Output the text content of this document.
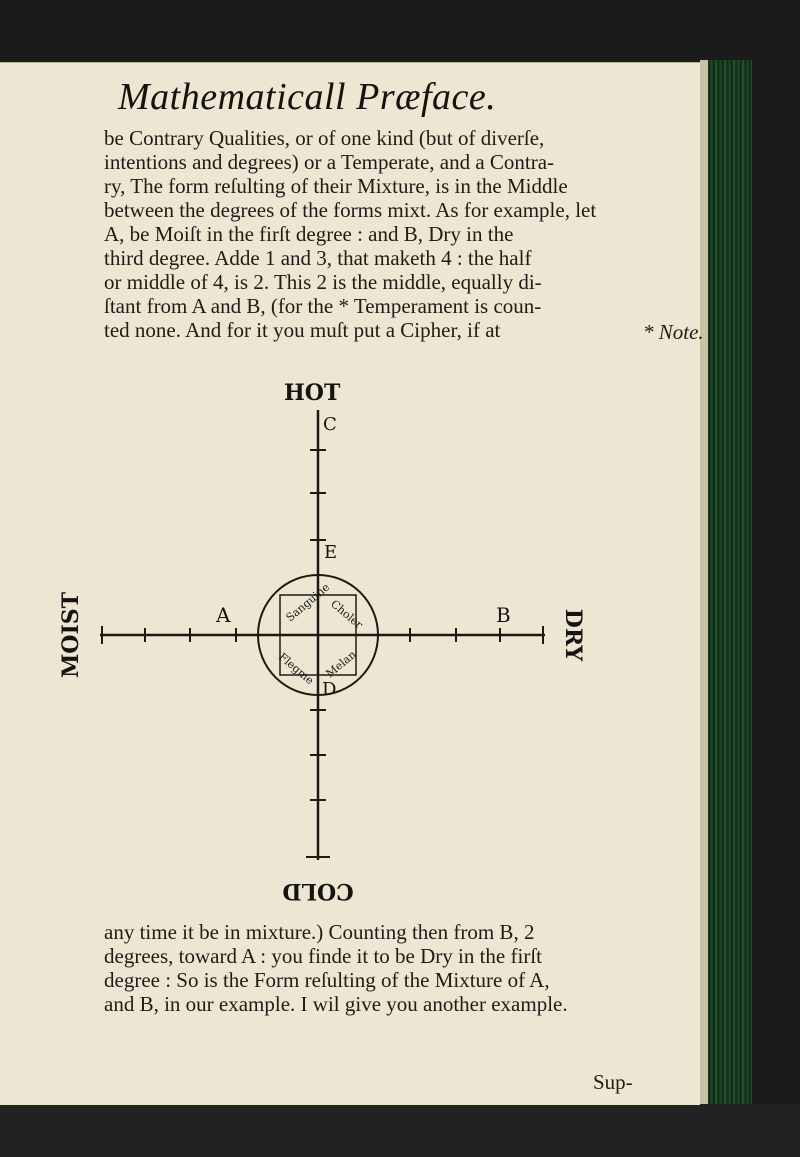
Mathematicall Præface.
be Contrary Qualities, or of one kind (but of diverſe,
intentions and degrees) or a Temperate, and a Contra-
ry, The form reſulting of their Mixture, is in the Middle
between the degrees of the forms mixt. As for example, let
A, be Moiſt in the firſt degree : and B, Dry in the
third degree. Adde 1 and 3, that maketh 4 : the half
or middle of 4, is 2. This 2 is the middle, equally di-
ſtant from A and B, (for the * Temperament is coun-
ted none. And for it you muſt put a Cipher, if at	* Note.
Sanguine
Choler
Flegme Melan
HOT
C
E
D
A	B
COLD
MOIST	DRY
any time it be in mixture.) Counting then from B, 2
degrees, toward A : you finde it to be Dry in the firſt
degree : So is the Form reſulting of the Mixture of A,
and B, in our example. I wil give you another example.
Sup-
